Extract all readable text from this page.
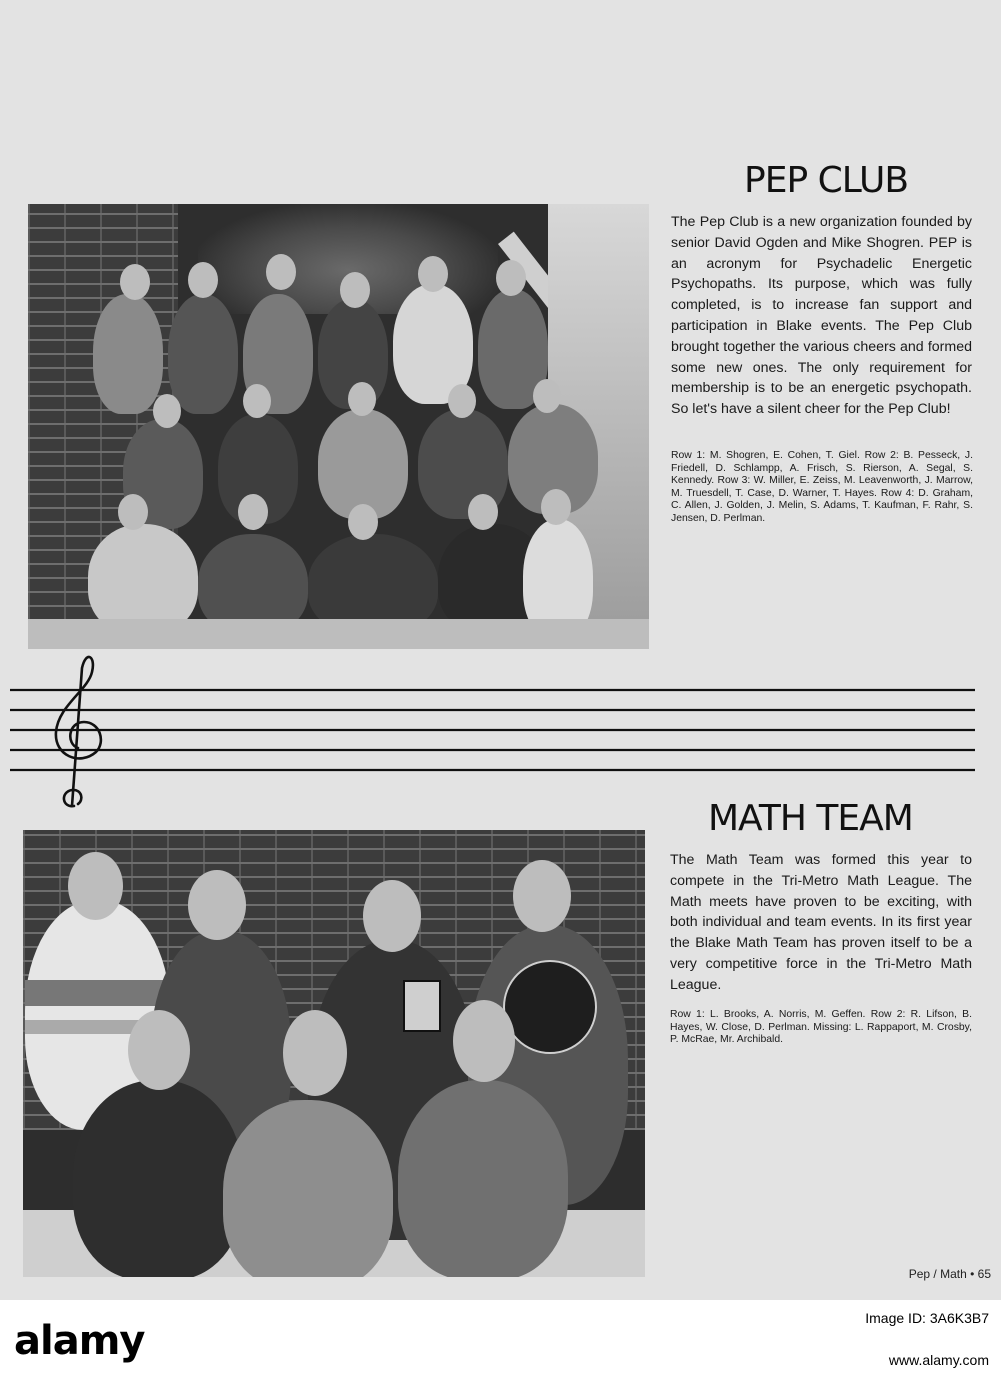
PEP CLUB

The Pep Club is a new organization founded by senior David Ogden and Mike Shogren. PEP is an acronym for Psychadelic Energetic Psychopaths. Its purpose, which was fully completed, is to increase fan support and participation in Blake events. The Pep Club brought together the various cheers and formed some new ones. The only requirement for membership is to be an energetic psychopath. So let's have a silent cheer for the Pep Club!

Row 1: M. Shogren, E. Cohen, T. Giel. Row 2: B. Pesseck, J. Friedell, D. Schlampp, A. Frisch, S. Rierson, A. Segal, S. Kennedy. Row 3: W. Miller, E. Zeiss, M. Leavenworth, J. Marrow, M. Truesdell, T. Case, D. Warner, T. Hayes. Row 4: D. Graham, C. Allen, J. Golden, J. Melin, S. Adams, T. Kaufman, F. Rahr, S. Jensen, D. Perlman.

MATH TEAM

The Math Team was formed this year to compete in the Tri-Metro Math League. The Math meets have proven to be exciting, with both individual and team events. In its first year the Blake Math Team has proven itself to be a very competitive force in the Tri-Metro Math League.

Row 1: L. Brooks, A. Norris, M. Geffen. Row 2: R. Lifson, B. Hayes, W. Close, D. Perlman. Missing: L. Rappaport, M. Crosby, P. McRae, Mr. Archibald.

Pep / Math • 65
alamy	Image ID: 3A6K3B7
www.alamy.com
